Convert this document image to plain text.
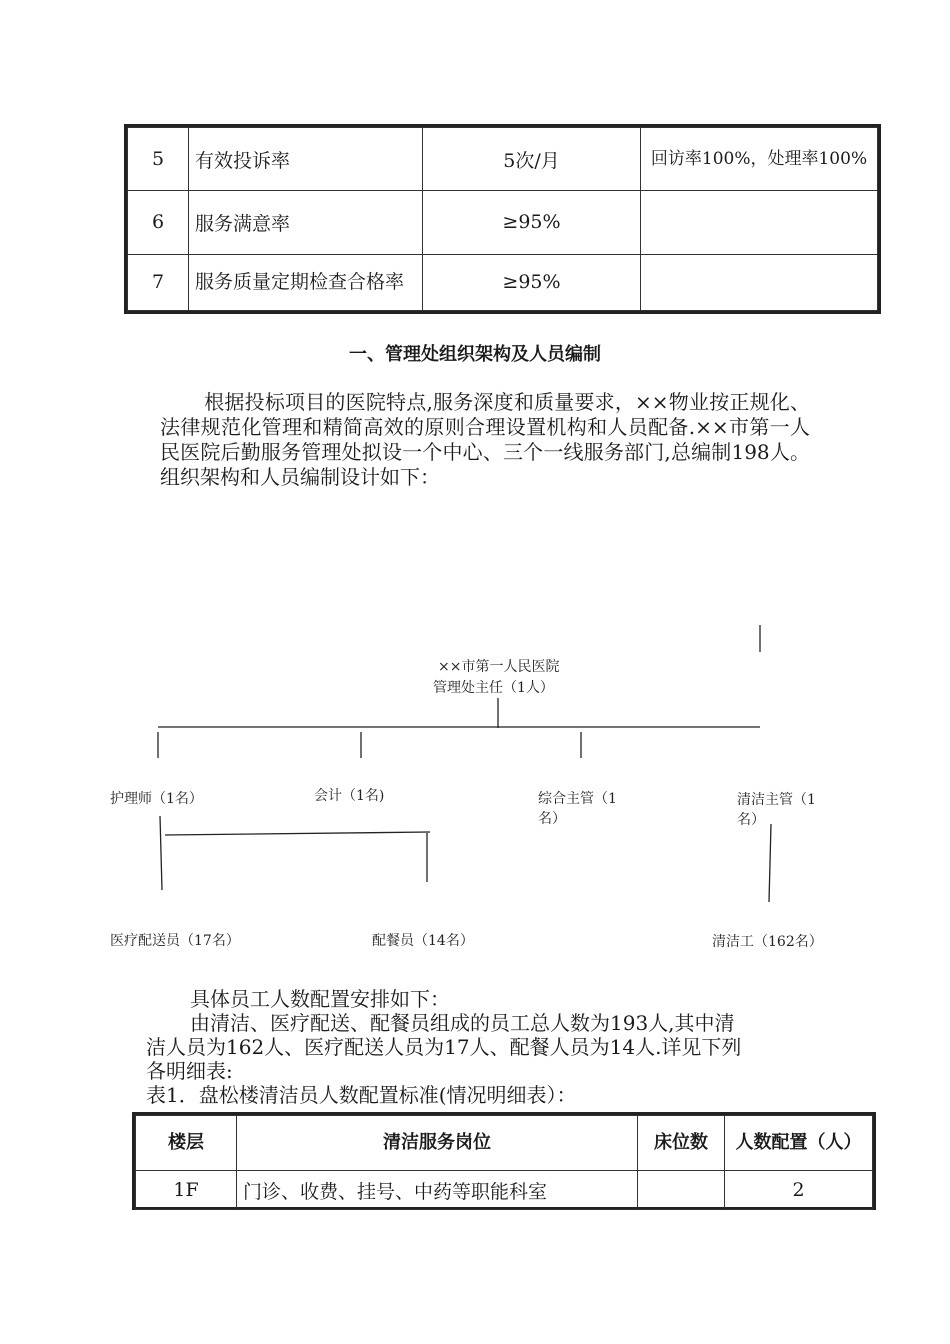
5	有效投诉率	5次/月	回访率100%，处理率100%
6	服务满意率	≥95%	
7	服务质量定期检查合格率	≥95%	
一、管理处组织架构及人员编制
根据投标项目的医院特点,服务深度和质量要求，××物业按正规化、法律规范化管理和精简高效的原则合理设置机构和人员配备.××市第一人民医院后勤服务管理处拟设一个中心、三个一线服务部门,总编制198人。组织架构和人员编制设计如下：
××市第一人民医院
管理处主任（1人）
护理师（1名）	会计（1名)	综合主管（1名）
清洁主管（1名）
医疗配送员（17名）	配餐员（14名）	清洁工（162名）
具体员工人数配置安排如下：
由清洁、医疗配送、配餐员组成的员工总人数为193人,其中清
洁人员为162人、医疗配送人员为17人、配餐人员为14人.详见下列
各明细表:
表1．盘松楼清洁员人数配置标准(情况明细表）：
楼层	清洁服务岗位	床位数	人数配置（人）
1F	门诊、收费、挂号、中药等职能科室		2
